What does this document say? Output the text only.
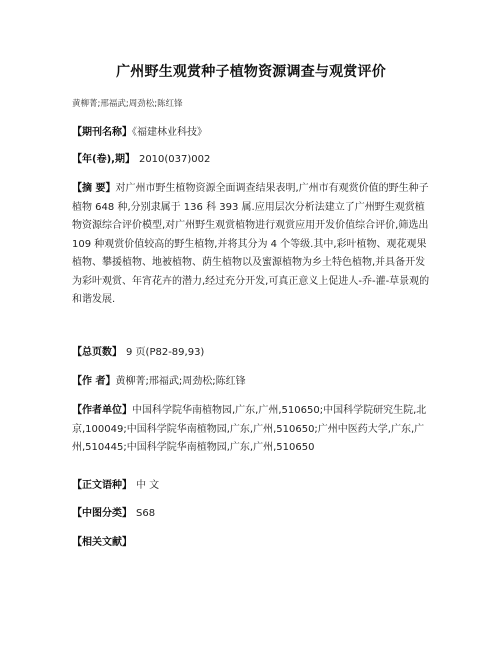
广州野生观赏种子植物资源调查与观赏评价
黄柳菁;邢福武;周劲松;陈红锋
【期刊名称】《福建林业科技》
【年(卷),期】 2010(037)002
【摘 要】对广州市野生植物资源全面调查结果表明,广州市有观赏价值的野生种子植物 648 种,分别隶属于 136 科 393 属.应用层次分析法建立了广州野生观赏植物资源综合评价模型,对广州野生观赏植物进行观赏应用开发价值综合评价,筛选出109 种观赏价值较高的野生植物,并将其分为 4 个等级.其中,彩叶植物、观花观果植物、攀援植物、地被植物、荫生植物以及蜜源植物为乡土特色植物,并具备开发为彩叶观赏、年宵花卉的潜力,经过充分开发,可真正意义上促进人-乔-灌-草景观的和谐发展.
【总页数】 9 页(P82-89,93)
【作 者】黄柳菁;邢福武;周劲松;陈红锋
【作者单位】中国科学院华南植物园,广东,广州,510650;中国科学院研究生院,北京,100049;中国科学院华南植物园,广东,广州,510650;广州中医药大学,广东,广州,510445;中国科学院华南植物园,广东,广州,510650
【正文语种】 中 文
【中图分类】 S68
【相关文献】
